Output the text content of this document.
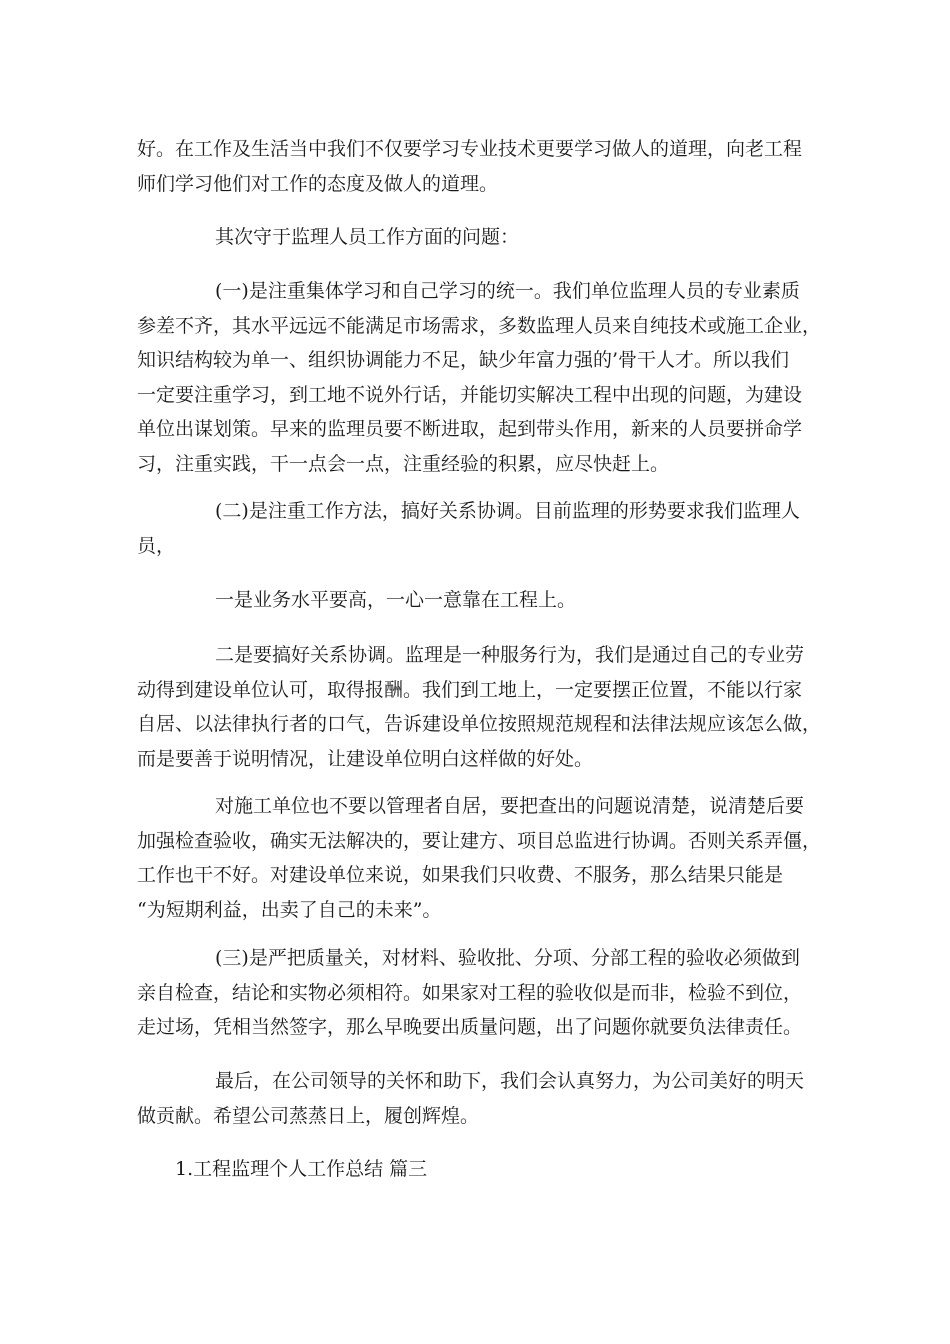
好。在工作及生活当中我们不仅要学习专业技术更要学习做人的道理，向老工程
师们学习他们对工作的态度及做人的道理。
其次守于监理人员工作方面的问题：
(一)是注重集体学习和自己学习的统一。我们单位监理人员的专业素质
参差不齐，其水平远远不能满足市场需求，多数监理人员来自纯技术或施工企业，
知识结构较为单一、组织协调能力不足，缺少年富力强的’骨干人才。所以我们
一定要注重学习，到工地不说外行话，并能切实解决工程中出现的问题，为建设
单位出谋划策。早来的监理员要不断进取，起到带头作用，新来的人员要拼命学
习，注重实践，干一点会一点，注重经验的积累，应尽快赶上。
(二)是注重工作方法，搞好关系协调。目前监理的形势要求我们监理人
员，
一是业务水平要高，一心一意靠在工程上。
二是要搞好关系协调。监理是一种服务行为，我们是通过自己的专业劳
动得到建设单位认可，取得报酬。我们到工地上，一定要摆正位置，不能以行家
自居、以法律执行者的口气，告诉建设单位按照规范规程和法律法规应该怎么做，
而是要善于说明情况，让建设单位明白这样做的好处。
对施工单位也不要以管理者自居，要把查出的问题说清楚，说清楚后要
加强检查验收，确实无法解决的，要让建方、项目总监进行协调。否则关系弄僵，
工作也干不好。对建设单位来说，如果我们只收费、不服务，那么结果只能是
“为短期利益，出卖了自己的未来”。
(三)是严把质量关，对材料、验收批、分项、分部工程的验收必须做到
亲自检查，结论和实物必须相符。如果家对工程的验收似是而非，检验不到位，
走过场，凭相当然签字，那么早晚要出质量问题，出了问题你就要负法律责任。
最后，在公司领导的关怀和助下，我们会认真努力，为公司美好的明天
做贡献。希望公司蒸蒸日上，履创辉煌。
1.工程监理个人工作总结 篇三
